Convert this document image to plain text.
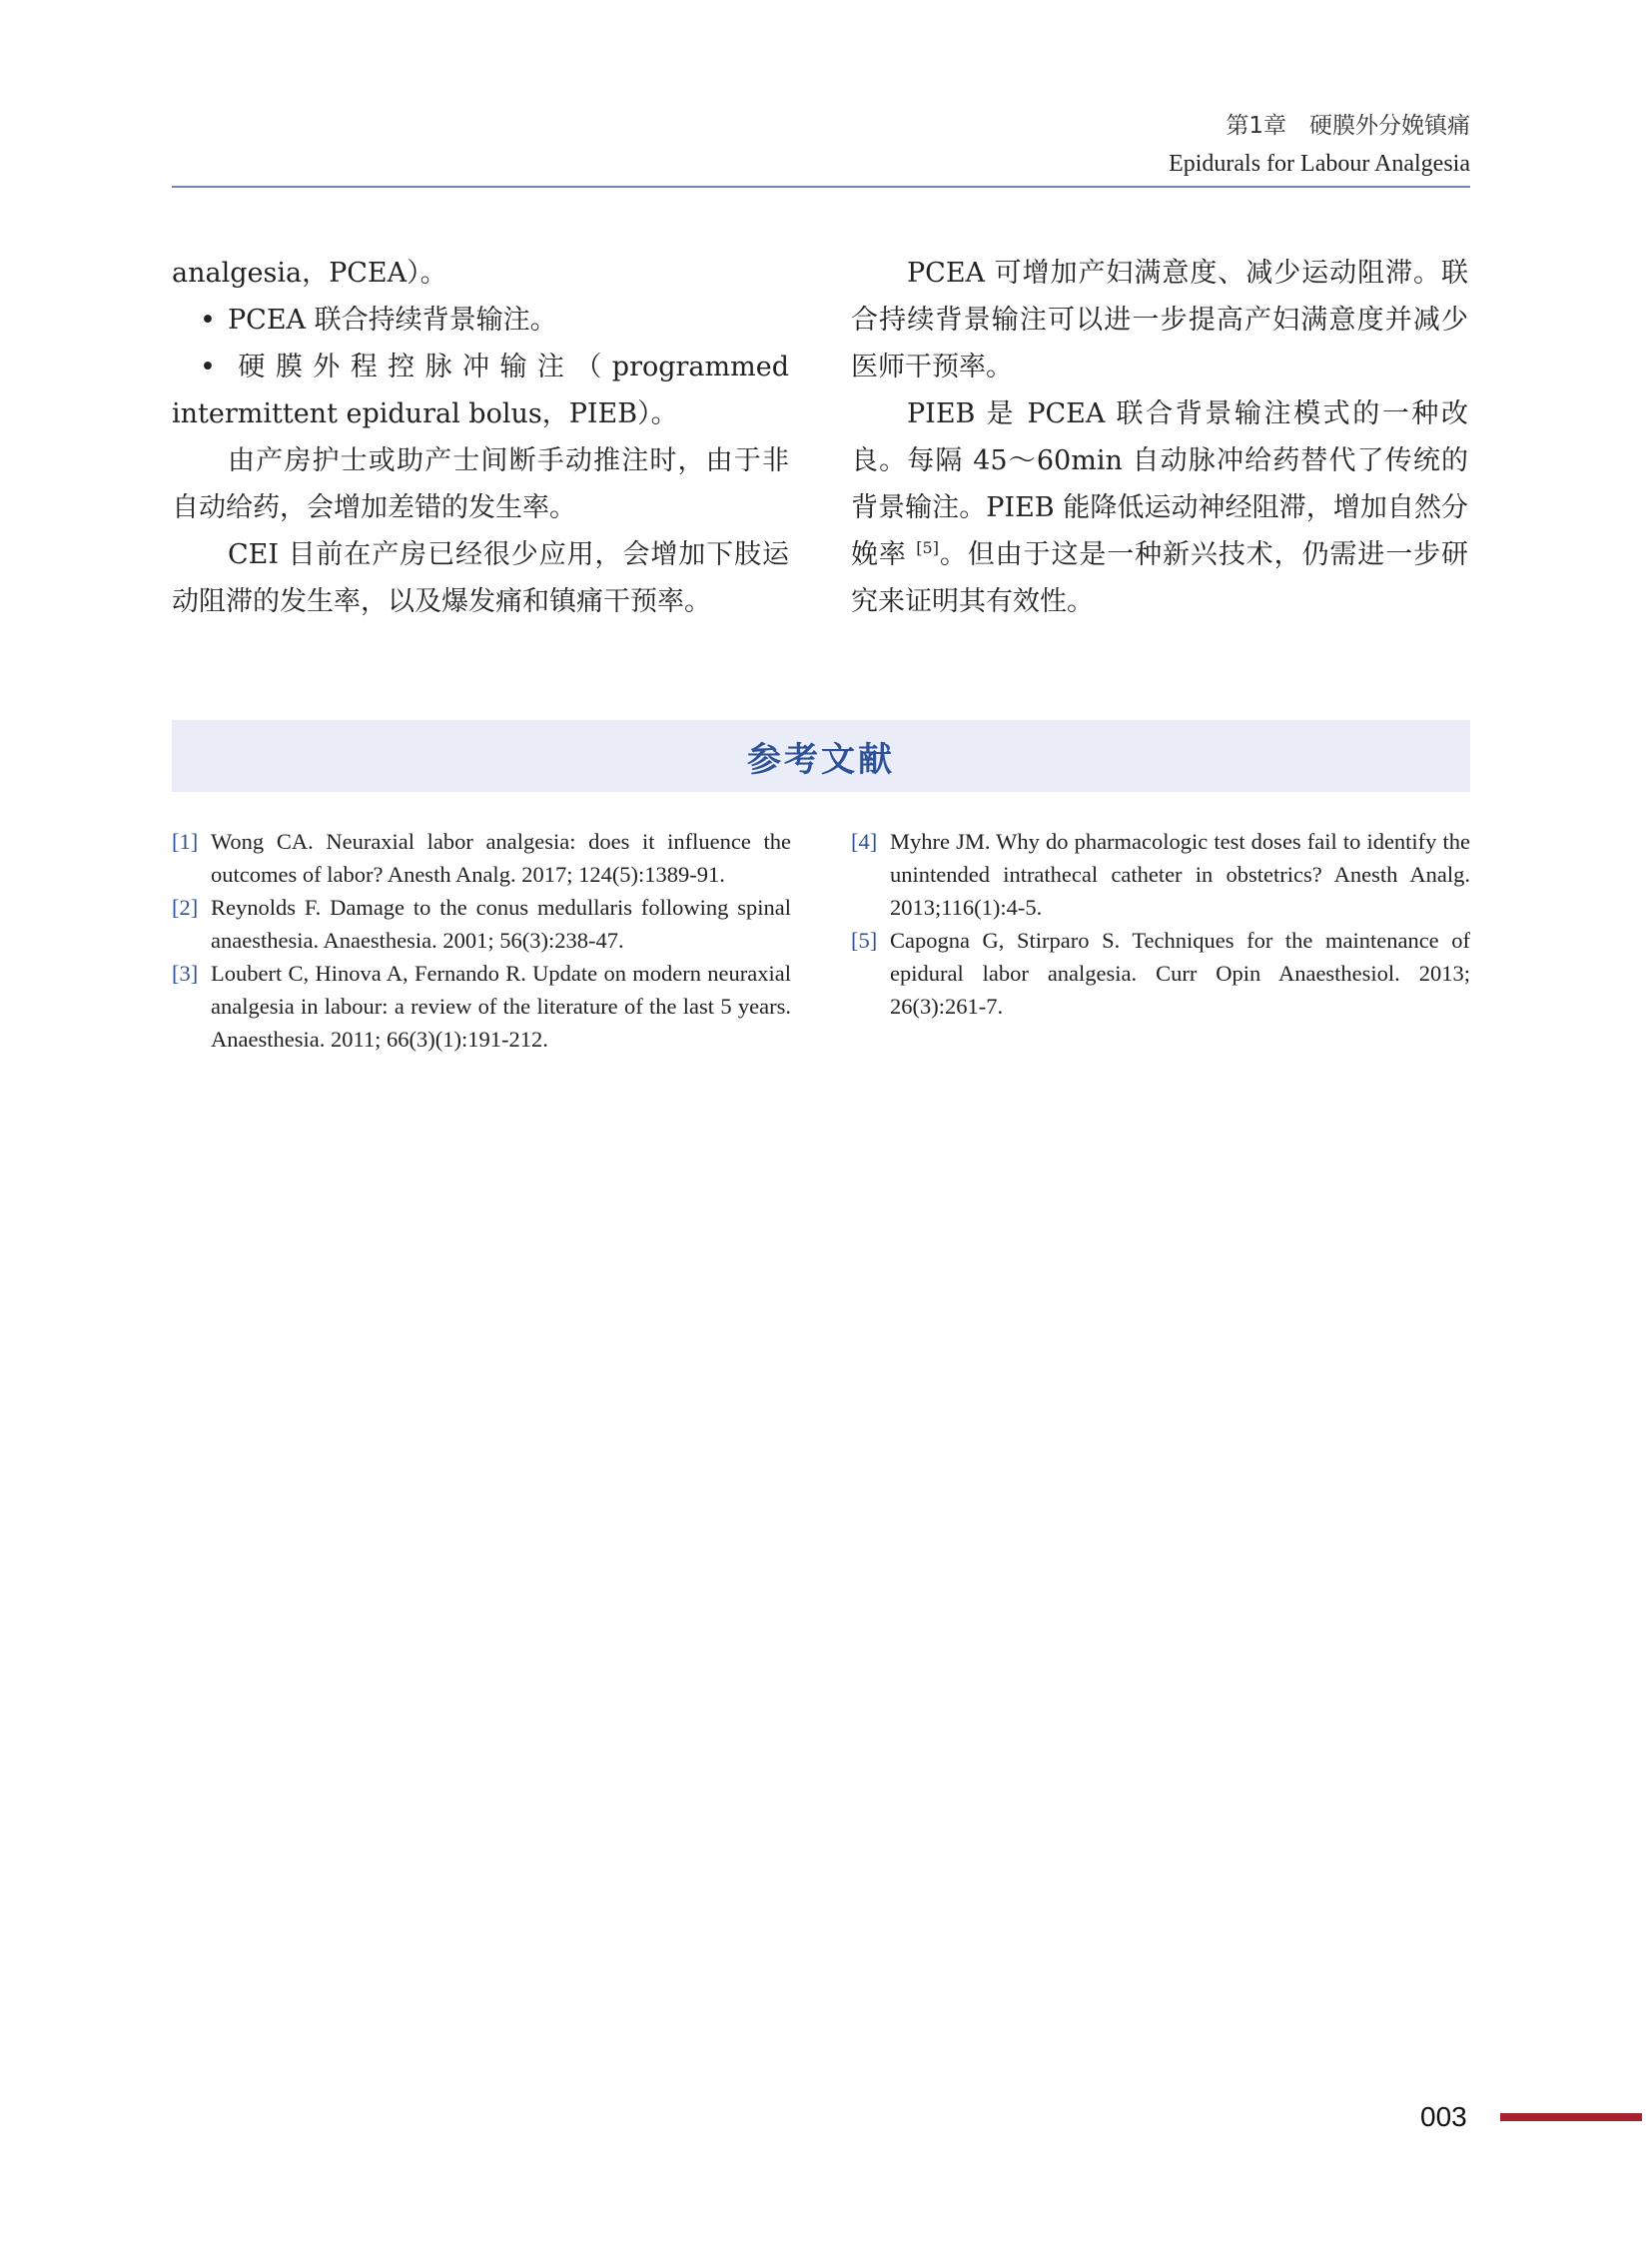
第1章　硬膜外分娩镇痛
Epidurals for Labour Analgesia

analgesia，PCEA）。

• PCEA 联合持续背景输注。

• 硬膜外程控脉冲输注（programmed intermittent epidural bolus，PIEB）。

由产房护士或助产士间断手动推注时，由于非自动给药，会增加差错的发生率。

CEI 目前在产房已经很少应用，会增加下肢运动阻滞的发生率，以及爆发痛和镇痛干预率。

PCEA 可增加产妇满意度、减少运动阻滞。联合持续背景输注可以进一步提高产妇满意度并减少医师干预率。

PIEB 是 PCEA 联合背景输注模式的一种改良。每隔 45～60min 自动脉冲给药替代了传统的背景输注。PIEB 能降低运动神经阻滞，增加自然分娩率 [5]。但由于这是一种新兴技术，仍需进一步研究来证明其有效性。

参考文献
[1] Wong CA. Neuraxial labor analgesia: does it influence the outcomes of labor? Anesth Analg. 2017; 124(5):1389-91.
[2] Reynolds F. Damage to the conus medullaris following spinal anaesthesia. Anaesthesia. 2001; 56(3):238-47.
[3] Loubert C, Hinova A, Fernando R. Update on modern neuraxial analgesia in labour: a review of the literature of the last 5 years. Anaesthesia. 2011; 66(3)(1):191-212.
[4] Myhre JM. Why do pharmacologic test doses fail to identify the unintended intrathecal catheter in obstetrics? Anesth Analg. 2013;116(1):4-5.
[5] Capogna G, Stirparo S. Techniques for the maintenance of epidural labor analgesia. Curr Opin Anaesthesiol. 2013; 26(3):261-7.
003
